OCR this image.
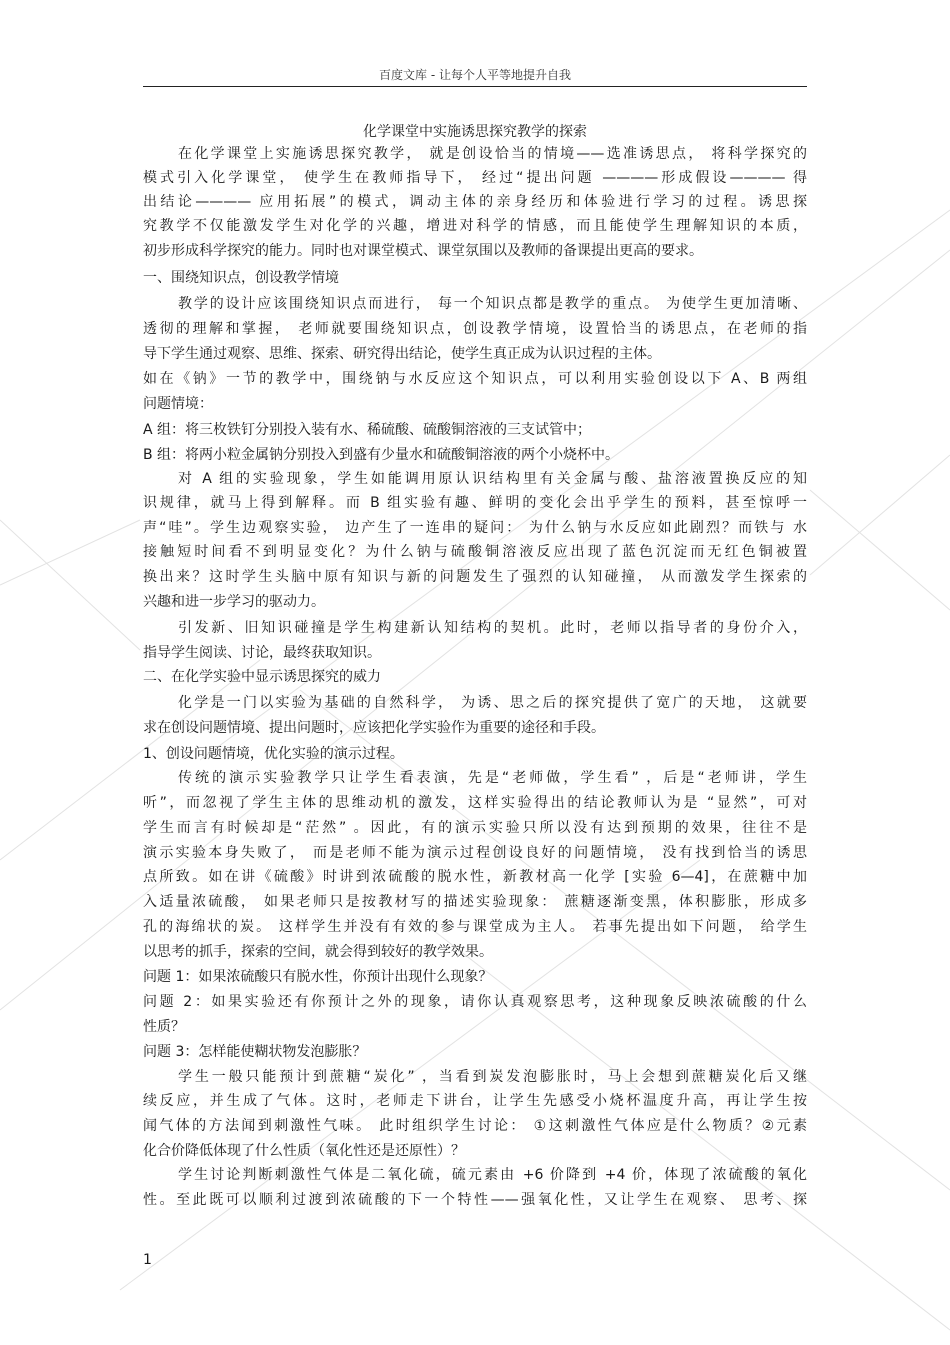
百度文库 - 让每个人平等地提升自我
化学课堂中实施诱思探究教学的探索
在化学课堂上实施诱思探究教学， 就是创设恰当的情境——选准诱思点， 将科学探究的
模式引入化学课堂， 使学生在教师指导下， 经过“提出问题 ————形成假设———— 得
出结论———— 应用拓展”的模式，调动主体的亲身经历和体验进行学习的过程。诱思探
究教学不仅能激发学生对化学的兴趣，增进对科学的情感，而且能使学生理解知识的本质，
初步形成科学探究的能力。同时也对课堂模式、课堂氛围以及教师的备课提出更高的要求。
一、围绕知识点，创设教学情境
教学的设计应该围绕知识点而进行， 每一个知识点都是教学的重点。 为使学生更加清晰、
透彻的理解和掌握， 老师就要围绕知识点，创设教学情境，设置恰当的诱思点，在老师的指
导下学生通过观察、思维、探索、研究得出结论，使学生真正成为认识过程的主体。
如在《钠》一节的教学中，围绕钠与水反应这个知识点，可以利用实验创设以下 A、B 两组
问题情境：
A 组：将三枚铁钉分别投入装有水、稀硫酸、硫酸铜溶液的三支试管中；
B 组：将两小粒金属钠分别投入到盛有少量水和硫酸铜溶液的两个小烧杯中。
对 A 组的实验现象，学生如能调用原认识结构里有关金属与酸、盐溶液置换反应的知
识规律，就马上得到解释。而 B 组实验有趣、鲜明的变化会出乎学生的预料，甚至惊呼一
声“哇”。学生边观察实验， 边产生了一连串的疑问： 为什么钠与水反应如此剧烈？而铁与 水
接触短时间看不到明显变化？为什么钠与硫酸铜溶液反应出现了蓝色沉淀而无红色铜被置
换出来？这时学生头脑中原有知识与新的问题发生了强烈的认知碰撞， 从而激发学生探索的
兴趣和进一步学习的驱动力。
引发新、旧知识碰撞是学生构建新认知结构的契机。此时，老师以指导者的身份介入，
指导学生阅读、讨论，最终获取知识。
二、在化学实验中显示诱思探究的威力
化学是一门以实验为基础的自然科学， 为诱、思之后的探究提供了宽广的天地， 这就要
求在创设问题情境、提出问题时，应该把化学实验作为重要的途径和手段。
1、创设问题情境，优化实验的演示过程。
传统的演示实验教学只让学生看表演，先是“老师做，学生看” ，后是“老师讲，学生
听”，而忽视了学生主体的思维动机的激发，这样实验得出的结论教师认为是 “显然”，可对
学生而言有时候却是“茫然” 。因此，有的演示实验只所以没有达到预期的效果，往往不是
演示实验本身失败了， 而是老师不能为演示过程创设良好的问题情境， 没有找到恰当的诱思
点所致。如在讲《硫酸》时讲到浓硫酸的脱水性，新教材高一化学 [实验 6—4]，在蔗糖中加
入适量浓硫酸， 如果老师只是按教材写的描述实验现象： 蔗糖逐渐变黑，体积膨胀，形成多
孔的海绵状的炭。 这样学生并没有有效的参与课堂成为主人。 若事先提出如下问题， 给学生
以思考的抓手，探索的空间，就会得到较好的教学效果。
问题 1：如果浓硫酸只有脱水性，你预计出现什么现象？
问题 2：如果实验还有你预计之外的现象，请你认真观察思考，这种现象反映浓硫酸的什么
性质？
问题 3：怎样能使糊状物发泡膨胀？
学生一般只能预计到蔗糖“炭化” ，当看到炭发泡膨胀时，马上会想到蔗糖炭化后又继
续反应，并生成了气体。这时，老师走下讲台，让学生先感受小烧杯温度升高，再让学生按
闻气体的方法闻到刺激性气味。 此时组织学生讨论： ①这刺激性气体应是什么物质？②元素
化合价降低体现了什么性质（氧化性还是还原性）？
学生讨论判断刺激性气体是二氧化硫，硫元素由 +6 价降到 +4 价，体现了浓硫酸的氧化
性。至此既可以顺利过渡到浓硫酸的下一个特性——强氧化性，又让学生在观察、 思考、探
1
